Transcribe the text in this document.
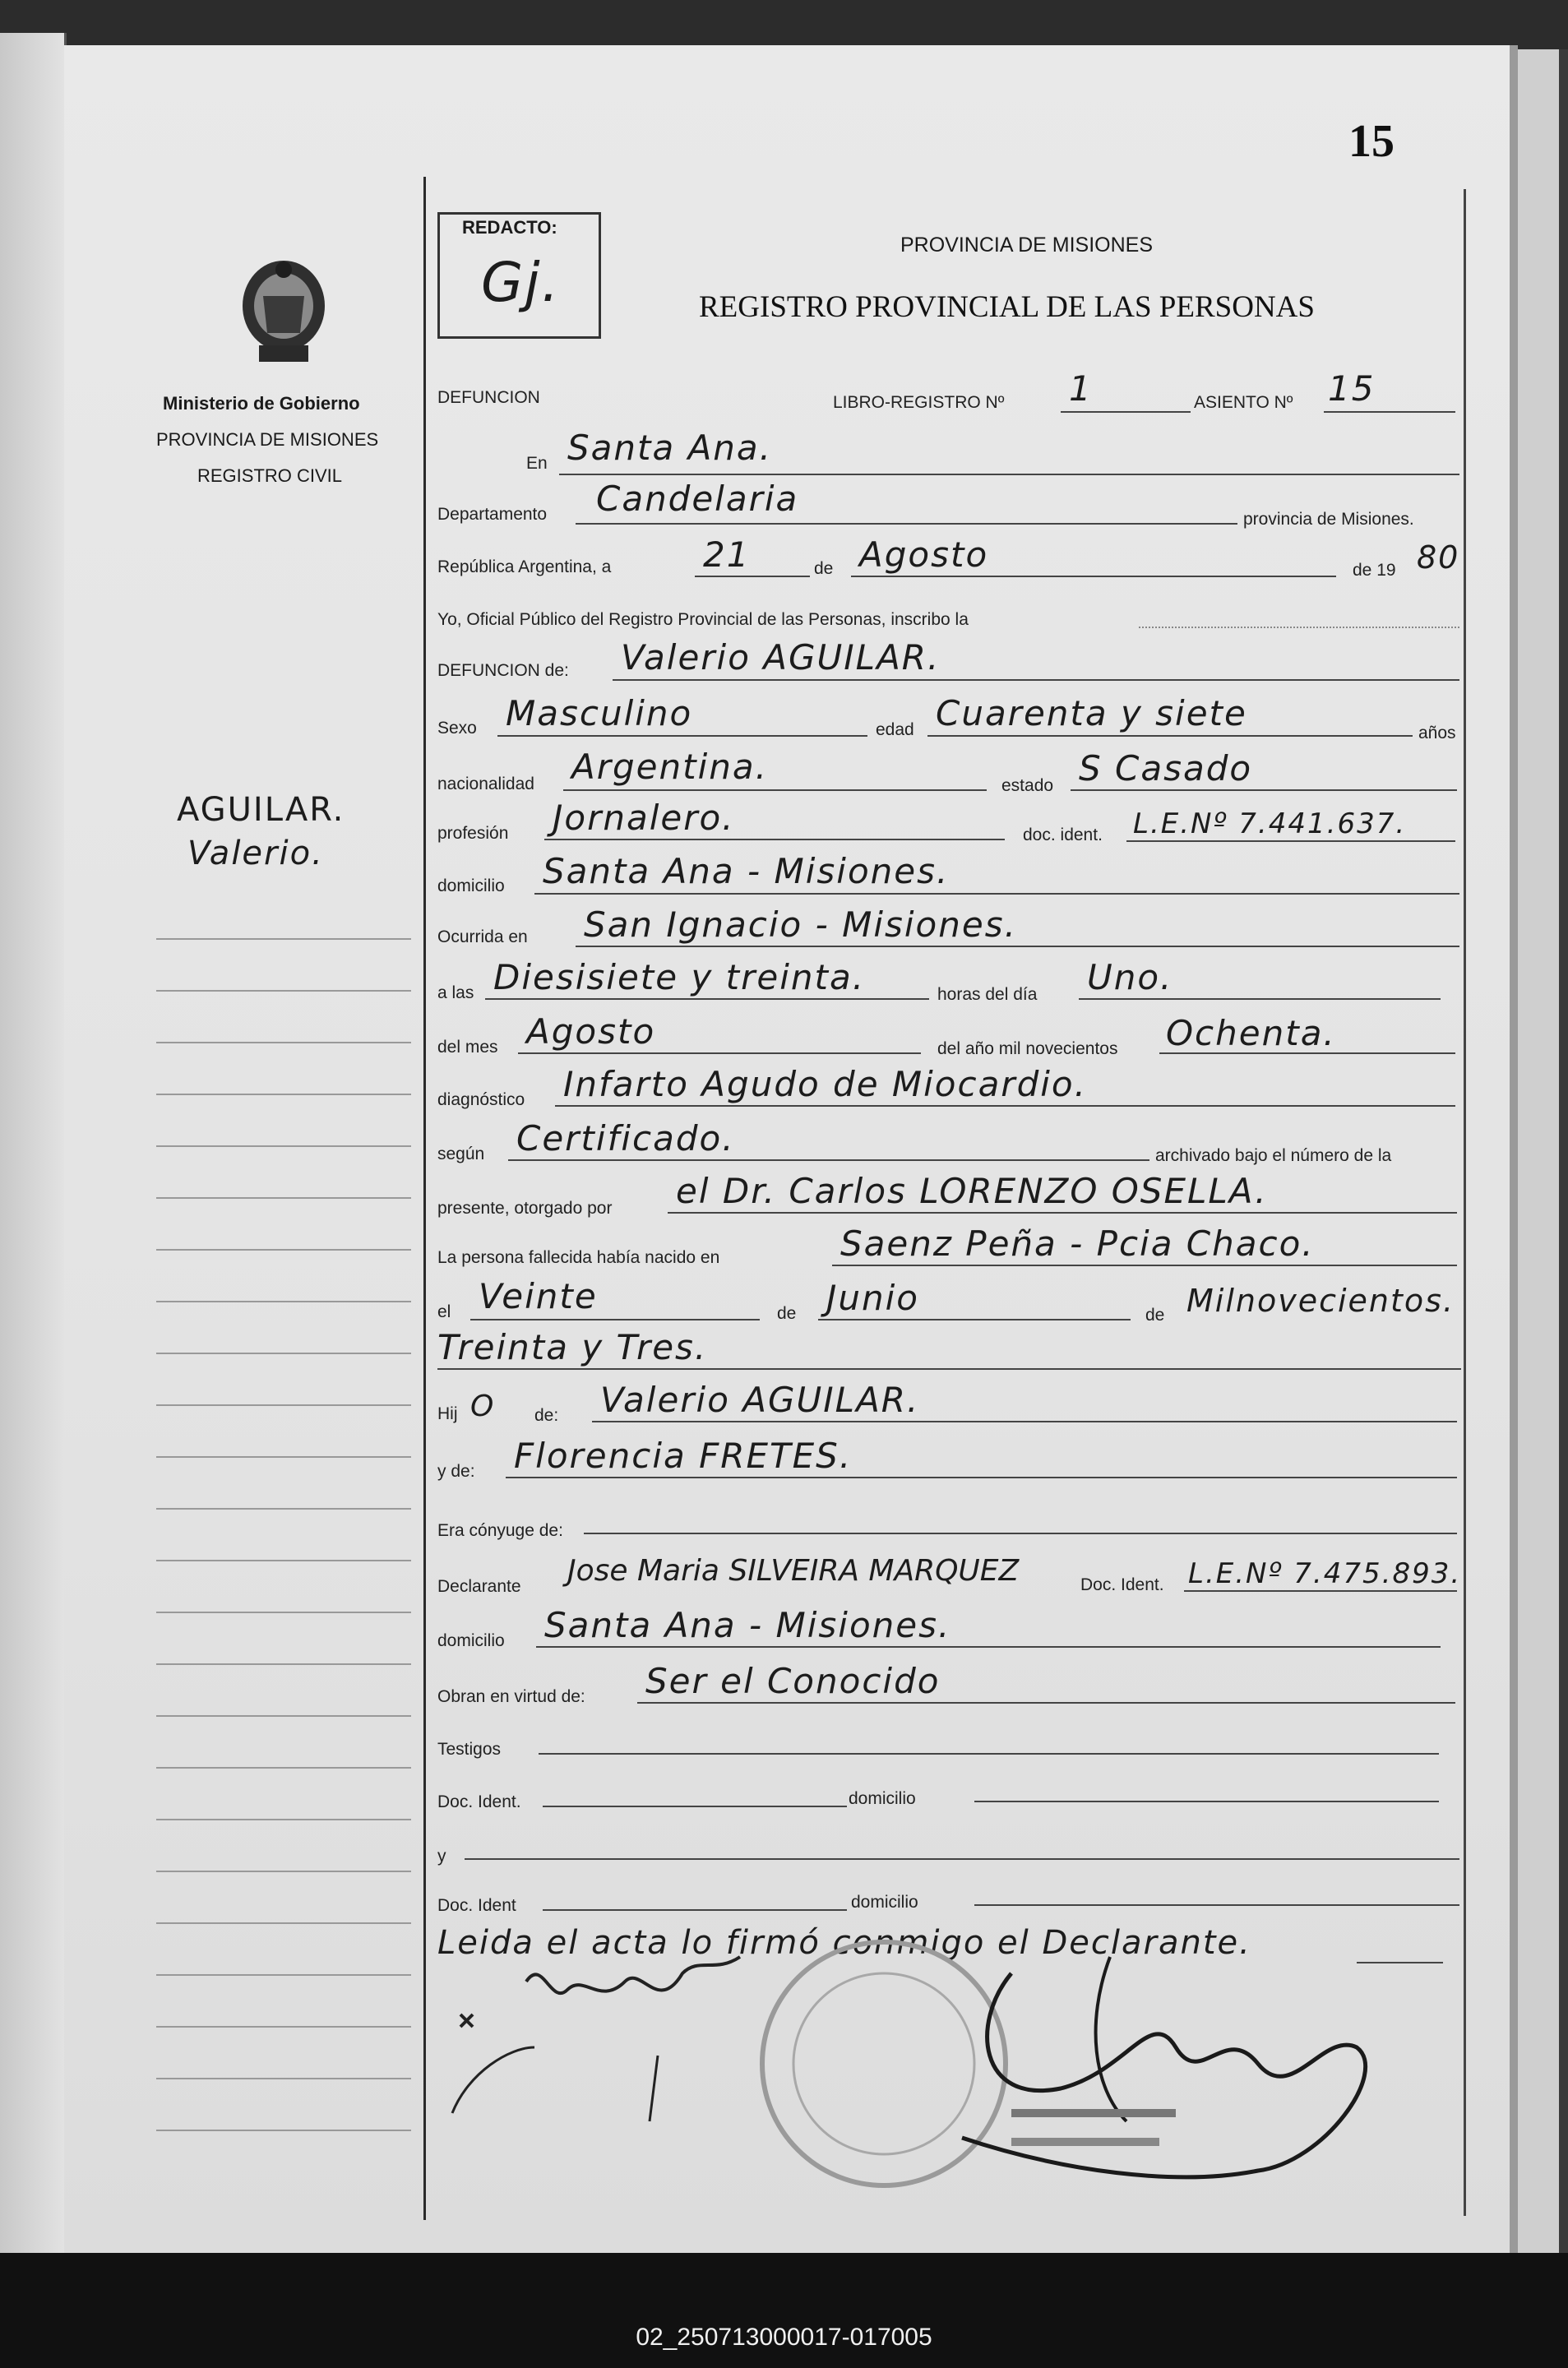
15
Ministerio de Gobierno
PROVINCIA DE MISIONES
REGISTRO CIVIL
AGUILAR.
Valerio.
REDACTO:
Gj.
PROVINCIA DE MISIONES
REGISTRO PROVINCIAL DE LAS PERSONAS
DEFUNCION	LIBRO-REGISTRO Nº 1	ASIENTO Nº 15
En Santa Ana.
Departamento Candelaria
provincia de Misiones.
República Argentina, a	21	de Agosto	de 19 80
Yo, Oficial Público del Registro Provincial de las Personas, inscribo la
DEFUNCION de: Valerio AGUILAR.
Sexo Masculino	edad Cuarenta y siete	años
nacionalidad Argentina.	estado S Casado
profesión Jornalero.	doc. ident. L.E.Nº 7.441.637.
domicilio Santa Ana - Misiones.
Ocurrida en San Ignacio - Misiones.
a las Diesisiete y treinta.	horas del día Uno.
del mes Agosto	del año mil novecientos Ochenta.
diagnóstico Infarto Agudo de Miocardio.
según Certificado.	archivado bajo el número de la
presente, otorgado por el Dr. Carlos LORENZO OSELLA.
La persona fallecida había nacido en	Saenz Peña - Pcia Chaco.
el Veinte	de Junio	de Milnovecientos.
Treinta y Tres.
Hij O de: Valerio AGUILAR.
y de: Florencia FRETES.
Era cónyuge de:
Declarante Jose Maria SILVEIRA MARQUEZ	Doc. Ident. L.E.Nº 7.475.893.
domicilio Santa Ana - Misiones.
Obran en virtud de: Ser el Conocido
Testigos
Doc. Ident.	domicilio
y
Doc. Ident	domicilio
Leida el acta lo firmó conmigo el Declarante.
02_250713000017-017005
